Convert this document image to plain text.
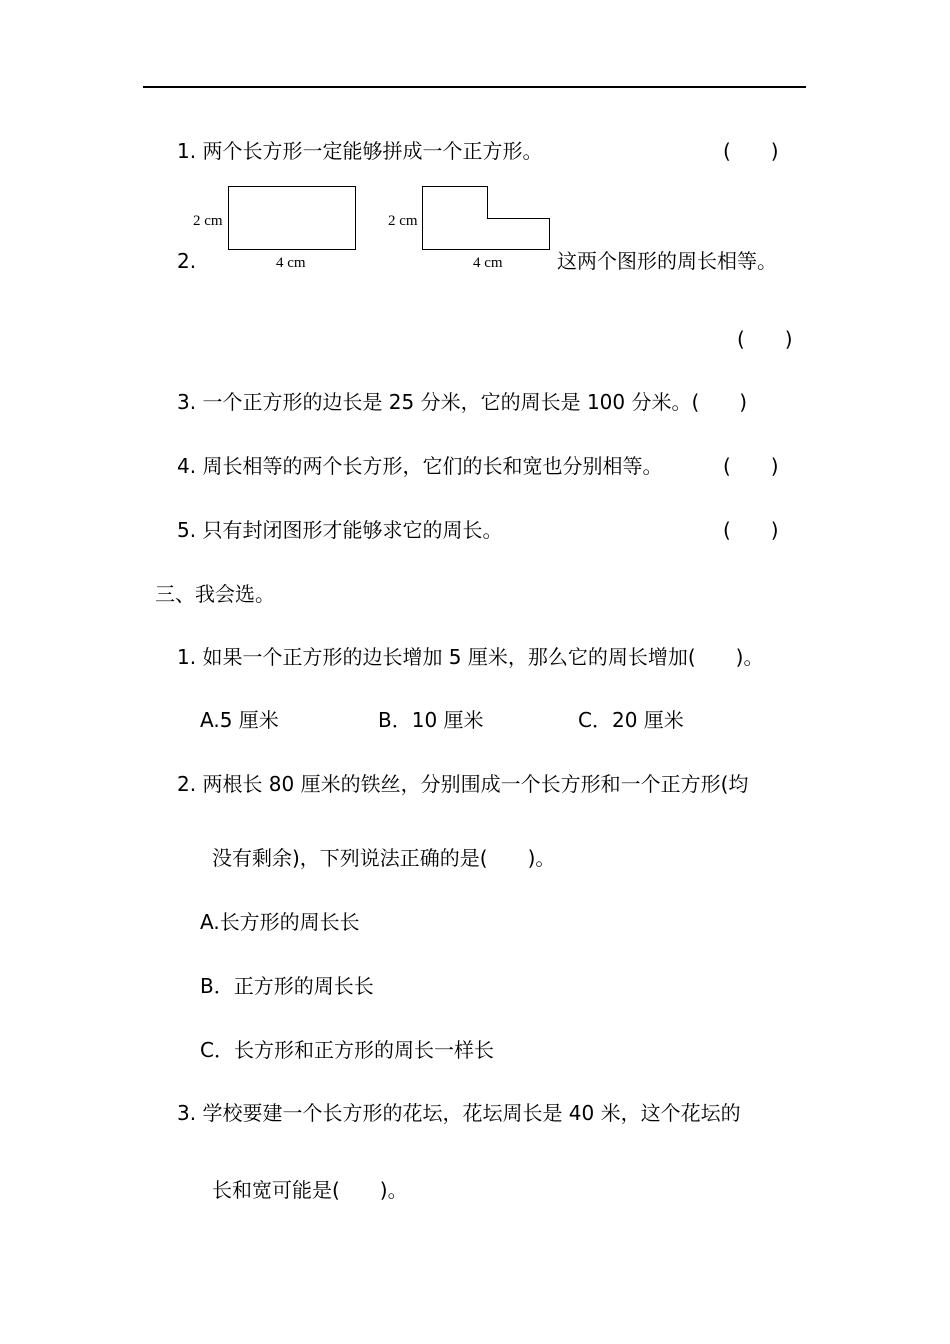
1. 两个长方形一定能够拼成一个正方形。	(　　)
2.
2 cm
4 cm
2 cm
4 cm	这两个图形的周长相等。
(　　)
3. 一个正方形的边长是 25 分米，它的周长是 100 分米。(　　)
4. 周长相等的两个长方形，它们的长和宽也分别相等。	(　　)
5. 只有封闭图形才能够求它的周长。	(　　)
三、我会选。
1. 如果一个正方形的边长增加 5 厘米，那么它的周长增加(　　)。
A.5 厘米	B．10 厘米	C．20 厘米
2. 两根长 80 厘米的铁丝，分别围成一个长方形和一个正方形(均
没有剩余)，下列说法正确的是(　　)。
A.长方形的周长长
B．正方形的周长长
C．长方形和正方形的周长一样长
3. 学校要建一个长方形的花坛，花坛周长是 40 米，这个花坛的
长和宽可能是(　　)。
